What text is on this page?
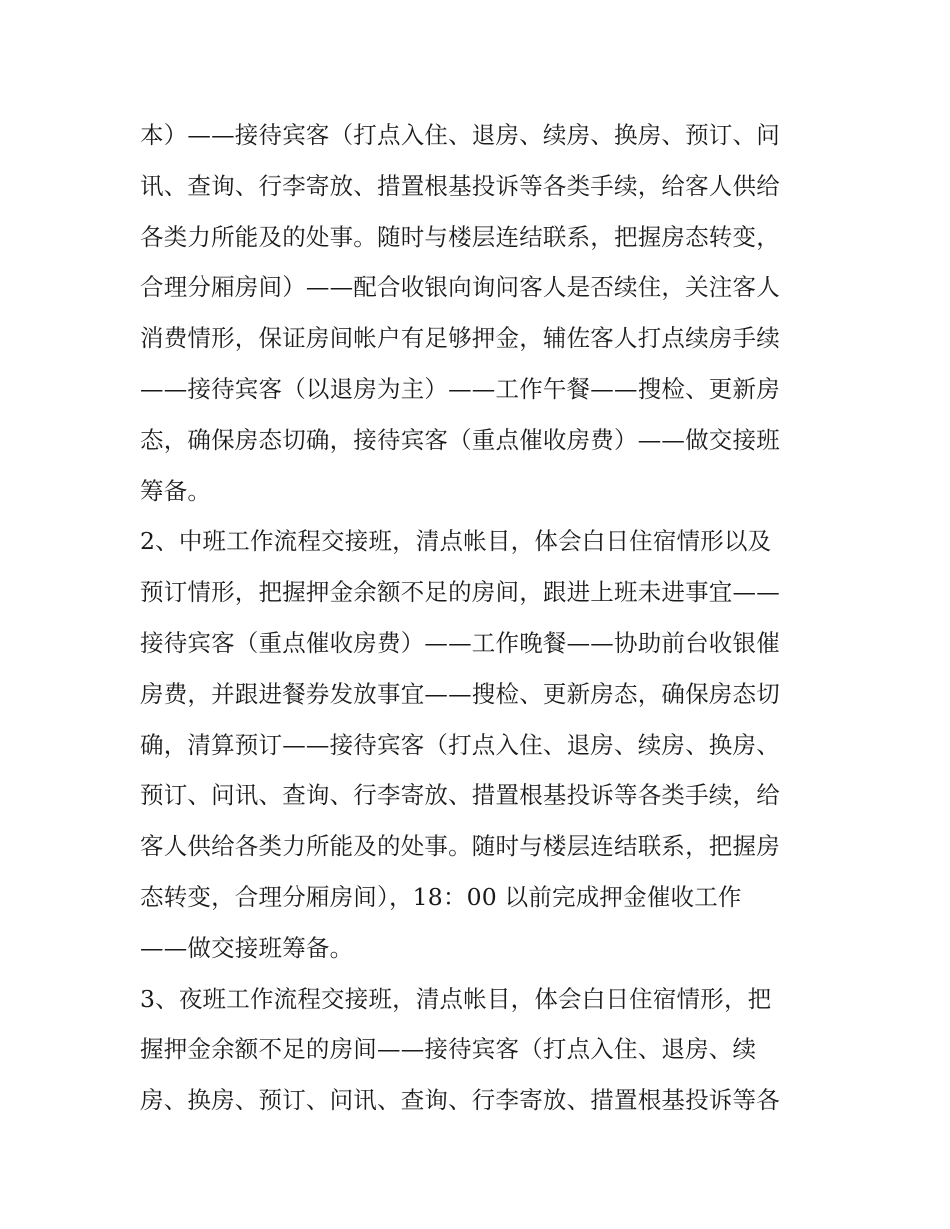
本）——接待宾客（打点入住、退房、续房、换房、预订、问
讯、查询、行李寄放、措置根基投诉等各类手续，给客人供给
各类力所能及的处事。随时与楼层连结联系，把握房态转变，
合理分厢房间）——配合收银向询问客人是否续住，关注客人
消费情形，保证房间帐户有足够押金，辅佐客人打点续房手续
——接待宾客（以退房为主）——工作午餐——搜检、更新房
态，确保房态切确，接待宾客（重点催收房费）——做交接班
筹备。
2、中班工作流程交接班，清点帐目，体会白日住宿情形以及
预订情形，把握押金余额不足的房间，跟进上班未进事宜——
接待宾客（重点催收房费）——工作晚餐——协助前台收银催
房费，并跟进餐券发放事宜——搜检、更新房态，确保房态切
确，清算预订——接待宾客（打点入住、退房、续房、换房、
预订、问讯、查询、行李寄放、措置根基投诉等各类手续，给
客人供给各类力所能及的处事。随时与楼层连结联系，把握房
态转变，合理分厢房间），18：00 以前完成押金催收工作
——做交接班筹备。
3、夜班工作流程交接班，清点帐目，体会白日住宿情形，把
握押金余额不足的房间——接待宾客（打点入住、退房、续
房、换房、预订、问讯、查询、行李寄放、措置根基投诉等各
